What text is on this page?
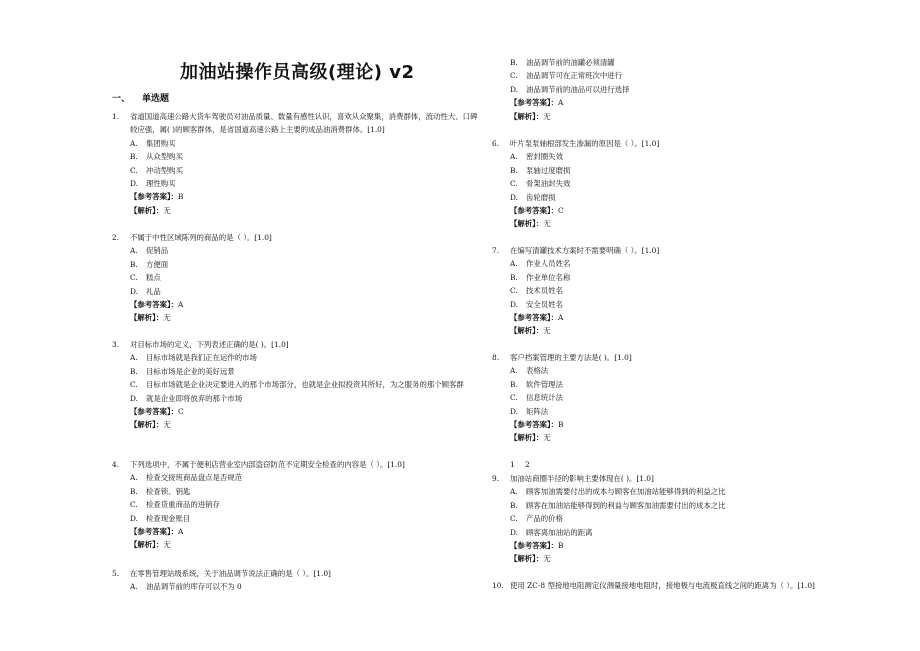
加油站操作员高级(理论) v2
一、 单选题
1.	省道国道高速公路大货车驾驶员对油品质量、数量有感性认识，喜欢从众聚集，消费群体，流动性大、口碑较应强，属( )的顾客群体，是省国道高速公路上主要的成品油消费群体。[1.0]
A.	集团购买
B.	从众型购买
C.	冲动型购买
D.	理性购买
【参考答案】：B
【解析】：无
2.	不属于中性区域陈列的商品的是（ ）。[1.0]
A.	促销品
B.	方便面
C.	糕点
D.	礼品
【参考答案】：A
【解析】：无
3.	对目标市场的定义，下列表述正确的是( )。[1.0]
A.	目标市场就是我们正在运作的市场
B.	目标市场是企业的美好远景
C.	目标市场就是企业决定要进入的那个市场部分，也就是企业拟投资其所好，为之服务的那个顾客群
D.	就是企业即将放弃的那个市场
【参考答案】：C
【解析】：无
4.	下列选项中，不属于便利店营业室内部盗窃防范不定期安全检查的内容是（ ）。[1.0]
A.	检查交接班商品盘点是否规范
B.	检查锁、钥匙
C.	检查货重商品的进销存
D.	检查现金账目
【参考答案】：A
【解析】：无
5.	在零售管理站级系统，关于油品调节说法正确的是（ ）。[1.0]
A.	油品调节前的库存可以不为 0
B.	油品调节前的油罐必须清罐
C.	油品调节可在正常班次中进行
D.	油品调节前的油品可以进行选择
【参考答案】：A
【解析】：无
6.	叶片泵泵轴根部发生渗漏的原因是（ ）。[1.0]
A.	密封圈失效
B.	泵轴过度磨损
C.	骨架油封失效
D.	齿轮磨损
【参考答案】：C
【解析】：无
7.	在编写清罐技术方案时不需要明确（ ）。[1.0]
A.	作业人员姓名
B.	作业单位名称
C.	技术员姓名
D.	安全员姓名
【参考答案】：A
【解析】：无
8.	客户档案管理的主要方法是( )。[1.0]
A.	表格法
B.	软件管理法
C.	信息统计法
D.	矩阵法
【参考答案】：B
【解析】：无
1 2
9.	加油站商圈半径的影响主要体现在( )。[1.0]
A.	顾客加油需要付出的成本与顾客在加油站能够得到的利益之比
B.	顾客在加油站能够得到的利益与顾客加油需要付出的成本之比
C.	产品的价格
D.	顾客离加油站的距离
【参考答案】：B
【解析】：无
10. 使用 ZC-8 型接地电阻测定仪测量接地电阻时，接地极与电流极直线之间的距离为（ ）。[1.0]
